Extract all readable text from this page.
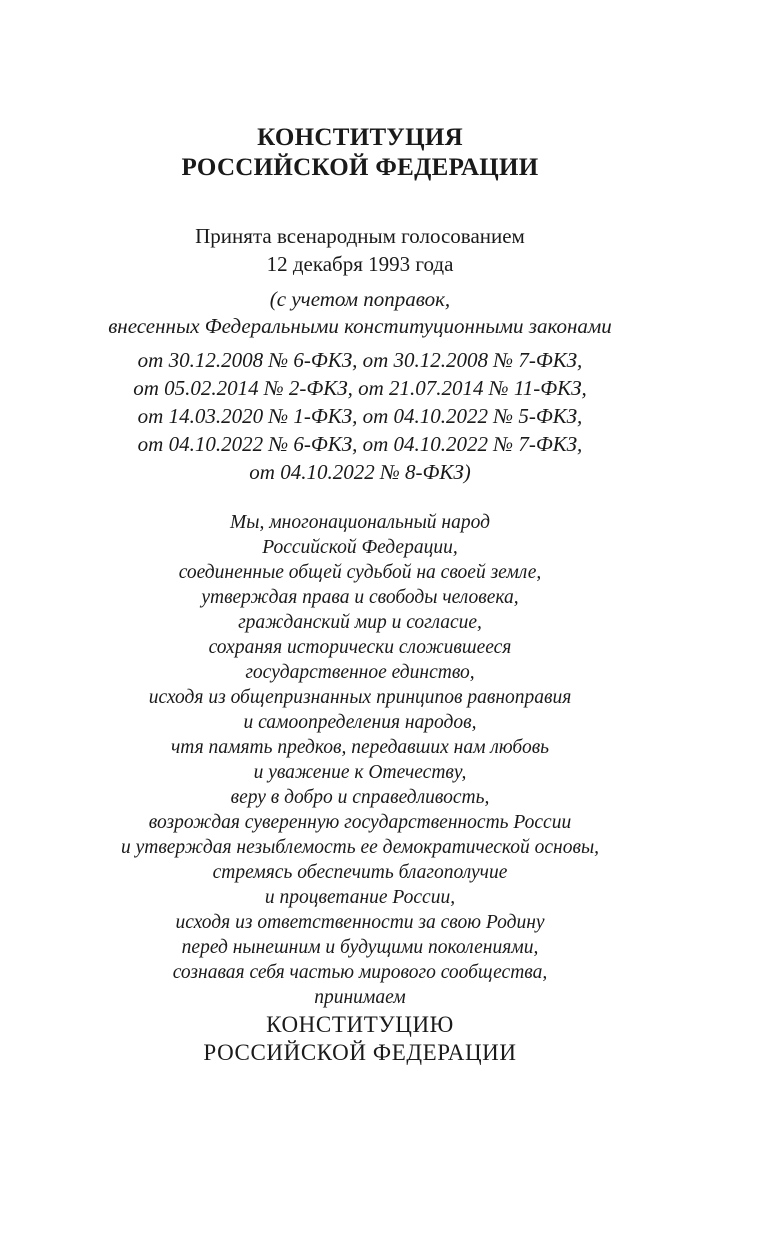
КОНСТИТУЦИЯ
РОССИЙСКОЙ ФЕДЕРАЦИИ
Принята всенародным голосованием
12 декабря 1993 года
(с учетом поправок,
внесенных Федеральными конституционными законами
от 30.12.2008 № 6-ФКЗ, от 30.12.2008 № 7-ФКЗ,
от 05.02.2014 № 2-ФКЗ, от 21.07.2014 № 11-ФКЗ,
от 14.03.2020 № 1-ФКЗ, от 04.10.2022 № 5-ФКЗ,
от 04.10.2022 № 6-ФКЗ, от 04.10.2022 № 7-ФКЗ,
от 04.10.2022 № 8-ФКЗ)
Мы, многонациональный народ
Российской Федерации,
соединенные общей судьбой на своей земле,
утверждая права и свободы человека,
гражданский мир и согласие,
сохраняя исторически сложившееся
государственное единство,
исходя из общепризнанных принципов равноправия
и самоопределения народов,
чтя память предков, передавших нам любовь
и уважение к Отечеству,
веру в добро и справедливость,
возрождая суверенную государственность России
и утверждая незыблемость ее демократической основы,
стремясь обеспечить благополучие
и процветание России,
исходя из ответственности за свою Родину
перед нынешним и будущими поколениями,
сознавая себя частью мирового сообщества,
принимаем
КОНСТИТУЦИЮ
РОССИЙСКОЙ ФЕДЕРАЦИИ
